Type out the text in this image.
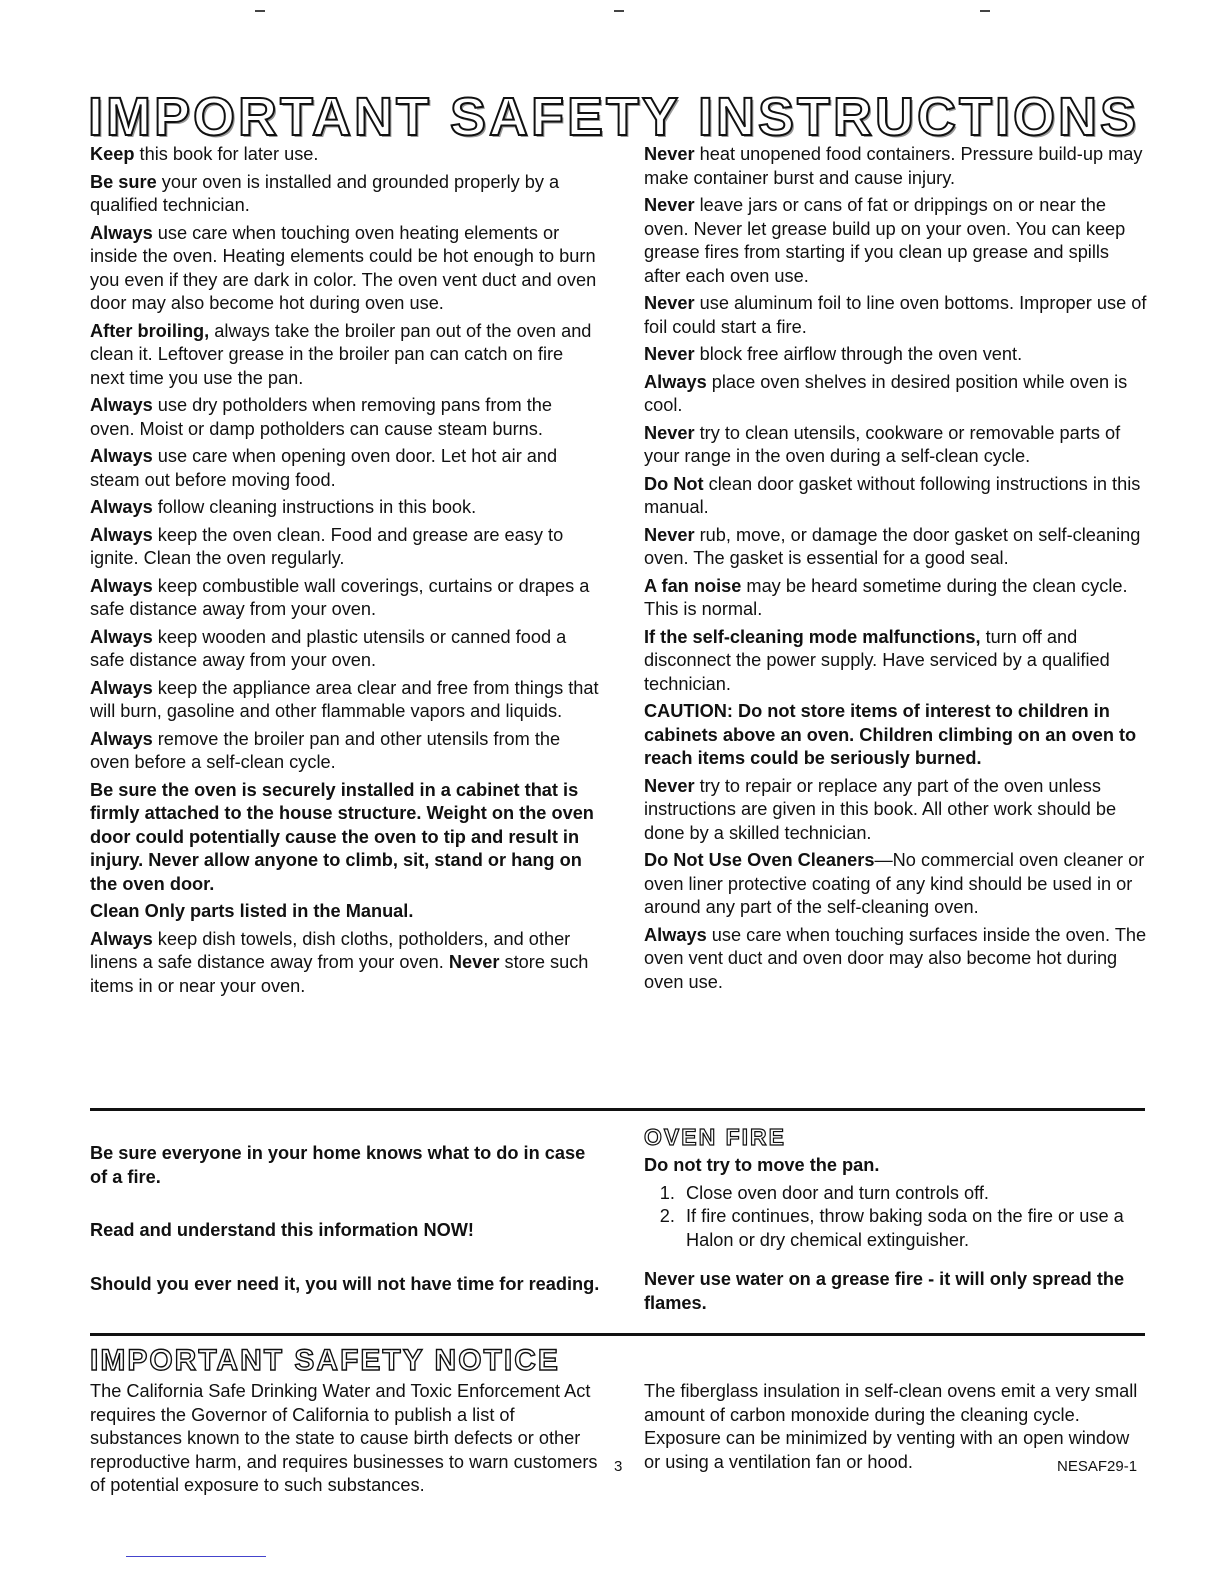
IMPORTANT SAFETY INSTRUCTIONS

Keep this book for later use.

Be sure your oven is installed and grounded properly by a qualified technician.

Always use care when touching oven heating elements or inside the oven. Heating elements could be hot enough to burn you even if they are dark in color. The oven vent duct and oven door may also become hot during oven use.

After broiling, always take the broiler pan out of the oven and clean it. Leftover grease in the broiler pan can catch on fire next time you use the pan.

Always use dry potholders when removing pans from the oven. Moist or damp potholders can cause steam burns.

Always use care when opening oven door. Let hot air and steam out before moving food.

Always follow cleaning instructions in this book.

Always keep the oven clean. Food and grease are easy to ignite. Clean the oven regularly.

Always keep combustible wall coverings, curtains or drapes a safe distance away from your oven.

Always keep wooden and plastic utensils or canned food a safe distance away from your oven.

Always keep the appliance area clear and free from things that will burn, gasoline and other flammable vapors and liquids.

Always remove the broiler pan and other utensils from the oven before a self-clean cycle.

Be sure the oven is securely installed in a cabinet that is firmly attached to the house structure. Weight on the oven door could potentially cause the oven to tip and result in injury. Never allow anyone to climb, sit, stand or hang on the oven door.

Clean Only parts listed in the Manual.

Always keep dish towels, dish cloths, potholders, and other linens a safe distance away from your oven. Never store such items in or near your oven.

Never heat unopened food containers. Pressure build-up may make container burst and cause injury.

Never leave jars or cans of fat or drippings on or near the oven. Never let grease build up on your oven. You can keep grease fires from starting if you clean up grease and spills after each oven use.

Never use aluminum foil to line oven bottoms. Improper use of foil could start a fire.

Never block free airflow through the oven vent.

Always place oven shelves in desired position while oven is cool.

Never try to clean utensils, cookware or removable parts of your range in the oven during a self-clean cycle.

Do Not clean door gasket without following instructions in this manual.

Never rub, move, or damage the door gasket on self-cleaning oven. The gasket is essential for a good seal.

A fan noise may be heard sometime during the clean cycle. This is normal.

If the self-cleaning mode malfunctions, turn off and disconnect the power supply. Have serviced by a qualified technician.

CAUTION: Do not store items of interest to children in cabinets above an oven. Children climbing on an oven to reach items could be seriously burned.

Never try to repair or replace any part of the oven unless instructions are given in this book. All other work should be done by a skilled technician.

Do Not Use Oven Cleaners—No commercial oven cleaner or oven liner protective coating of any kind should be used in or around any part of the self-cleaning oven.

Always use care when touching surfaces inside the oven. The oven vent duct and oven door may also become hot during oven use.

Be sure everyone in your home knows what to do in case of a fire.

Read and understand this information NOW!

Should you ever need it, you will not have time for reading.

OVEN FIRE

Do not try to move the pan.

1. Close oven door and turn controls off.
2. If fire continues, throw baking soda on the fire or use a Halon or dry chemical extinguisher.

Never use water on a grease fire - it will only spread the flames.

IMPORTANT SAFETY NOTICE

The California Safe Drinking Water and Toxic Enforcement Act requires the Governor of California to publish a list of substances known to the state to cause birth defects or other reproductive harm, and requires businesses to warn customers of potential exposure to such substances.

The fiberglass insulation in self-clean ovens emit a very small amount of carbon monoxide during the cleaning cycle. Exposure can be minimized by venting with an open window or using a ventilation fan or hood.

3	NESAF29-1
